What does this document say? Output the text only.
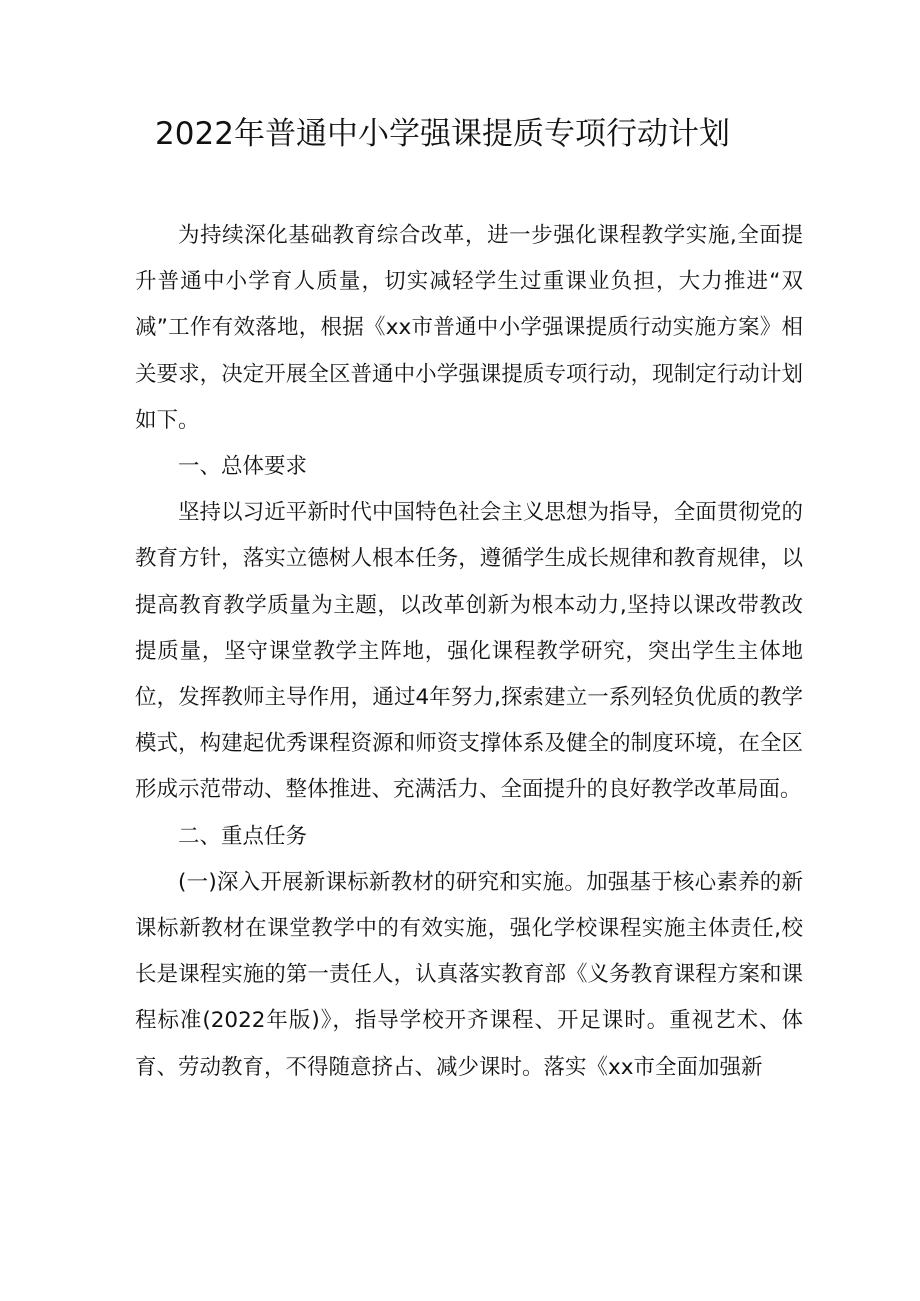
2022年普通中小学强课提质专项行动计划

为持续深化基础教育综合改革，进一步强化课程教学实施,全面提升普通中小学育人质量，切实减轻学生过重课业负担，大力推进“双减”工作有效落地，根据《xx市普通中小学强课提质行动实施方案》相关要求，决定开展全区普通中小学强课提质专项行动，现制定行动计划如下。

一、总体要求

坚持以习近平新时代中国特色社会主义思想为指导，全面贯彻党的教育方针，落实立德树人根本任务，遵循学生成长规律和教育规律，以提高教育教学质量为主题，以改革创新为根本动力,坚持以课改带教改提质量，坚守课堂教学主阵地，强化课程教学研究，突出学生主体地位，发挥教师主导作用，通过4年努力,探索建立一系列轻负优质的教学模式，构建起优秀课程资源和师资支撑体系及健全的制度环境，在全区形成示范带动、整体推进、充满活力、全面提升的良好教学改革局面。

二、重点任务

(一)深入开展新课标新教材的研究和实施。加强基于核心素养的新课标新教材在课堂教学中的有效实施，强化学校课程实施主体责任,校长是课程实施的第一责任人，认真落实教育部《义务教育课程方案和课程标准(2022年版)》，指导学校开齐课程、开足课时。重视艺术、体育、劳动教育，不得随意挤占、减少课时。落实《xx市全面加强新
